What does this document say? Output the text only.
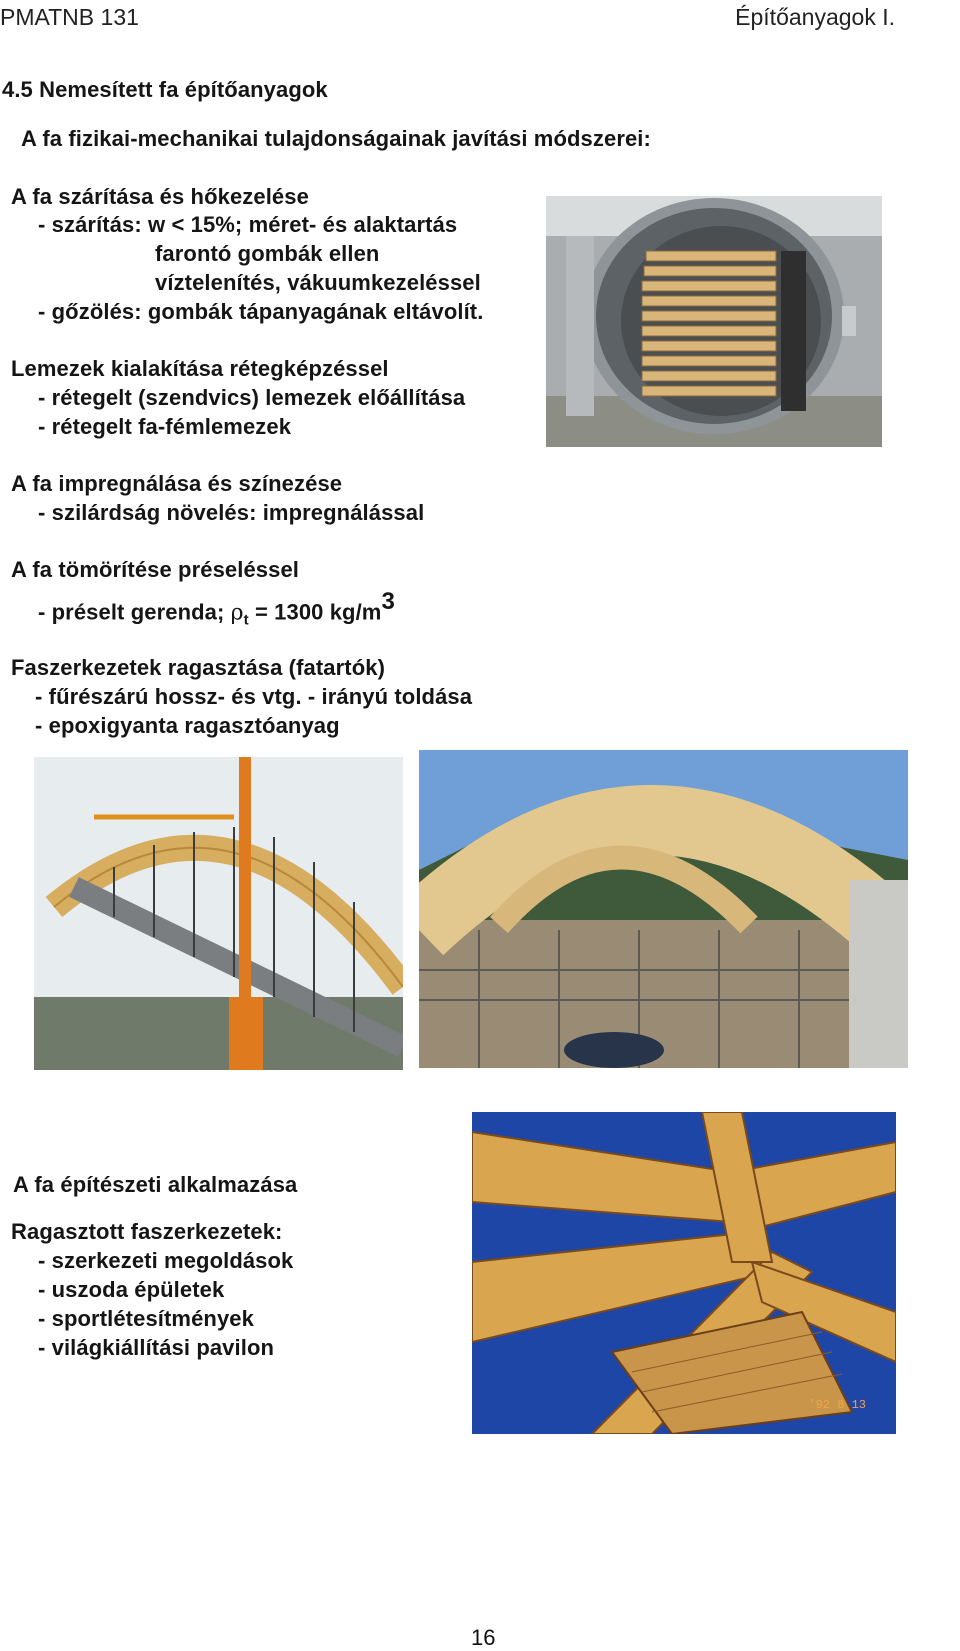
PMATNB 131	Építőanyagok I.
4.5 Nemesített fa építőanyagok
A fa fizikai-mechanikai tulajdonságainak javítási módszerei:
A fa szárítása és hőkezelése
- szárítás: w < 15%; méret- és alaktartás
farontó gombák ellen
víztelenítés, vákuumkezeléssel
- gőzölés: gombák tápanyagának eltávolít.
Lemezek kialakítása rétegképzéssel
- rétegelt (szendvics) lemezek előállítása
- rétegelt fa-fémlemezek
A fa impregnálása és színezése
- szilárdság növelés: impregnálással
A fa tömörítése préseléssel
- préselt gerenda; $\rho_t = 1300$ $kg/m^3$
Faszerkezetek ragasztása (fatartók)
- fűrészárú hossz- és vtg. - irányú toldása
- epoxigyanta ragasztóanyag
A fa építészeti alkalmazása
Ragasztott faszerkezetek:
- szerkezeti megoldások
- uszoda épületek
- sportlétesítmények
- világkiállítási pavilon
'92 8 13
16
